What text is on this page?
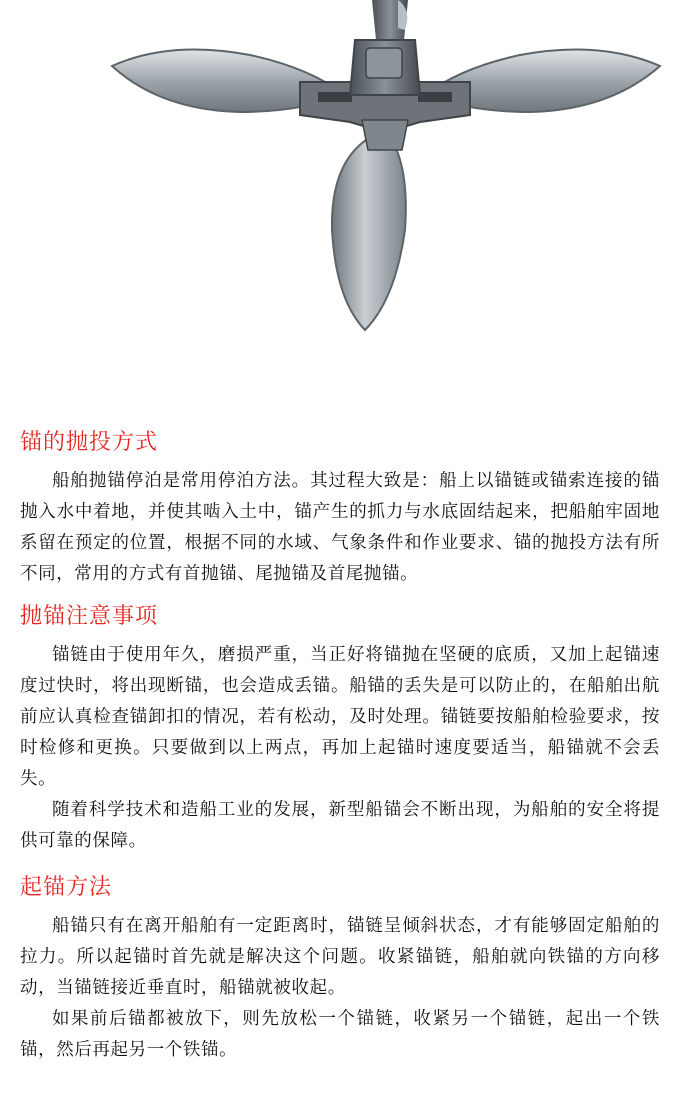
锚的抛投方式

船舶抛锚停泊是常用停泊方法。其过程大致是：船上以锚链或锚索连接的锚抛入水中着地，并使其啮入土中，锚产生的抓力与水底固结起来，把船舶牢固地系留在预定的位置，根据不同的水域、气象条件和作业要求、锚的抛投方法有所不同，常用的方式有首抛锚、尾抛锚及首尾抛锚。

抛锚注意事项

锚链由于使用年久，磨损严重，当正好将锚抛在坚硬的底质，又加上起锚速度过快时，将出现断锚，也会造成丢锚。船锚的丢失是可以防止的，在船舶出航前应认真检查锚卸扣的情况，若有松动，及时处理。锚链要按船舶检验要求，按时检修和更换。只要做到以上两点，再加上起锚时速度要适当，船锚就不会丢失。

随着科学技术和造船工业的发展，新型船锚会不断出现，为船舶的安全将提供可靠的保障。

起锚方法

船锚只有在离开船舶有一定距离时，锚链呈倾斜状态，才有能够固定船舶的拉力。所以起锚时首先就是解决这个问题。收紧锚链，船舶就向铁锚的方向移动，当锚链接近垂直时，船锚就被收起。

如果前后锚都被放下，则先放松一个锚链，收紧另一个锚链，起出一个铁锚，然后再起另一个铁锚。
